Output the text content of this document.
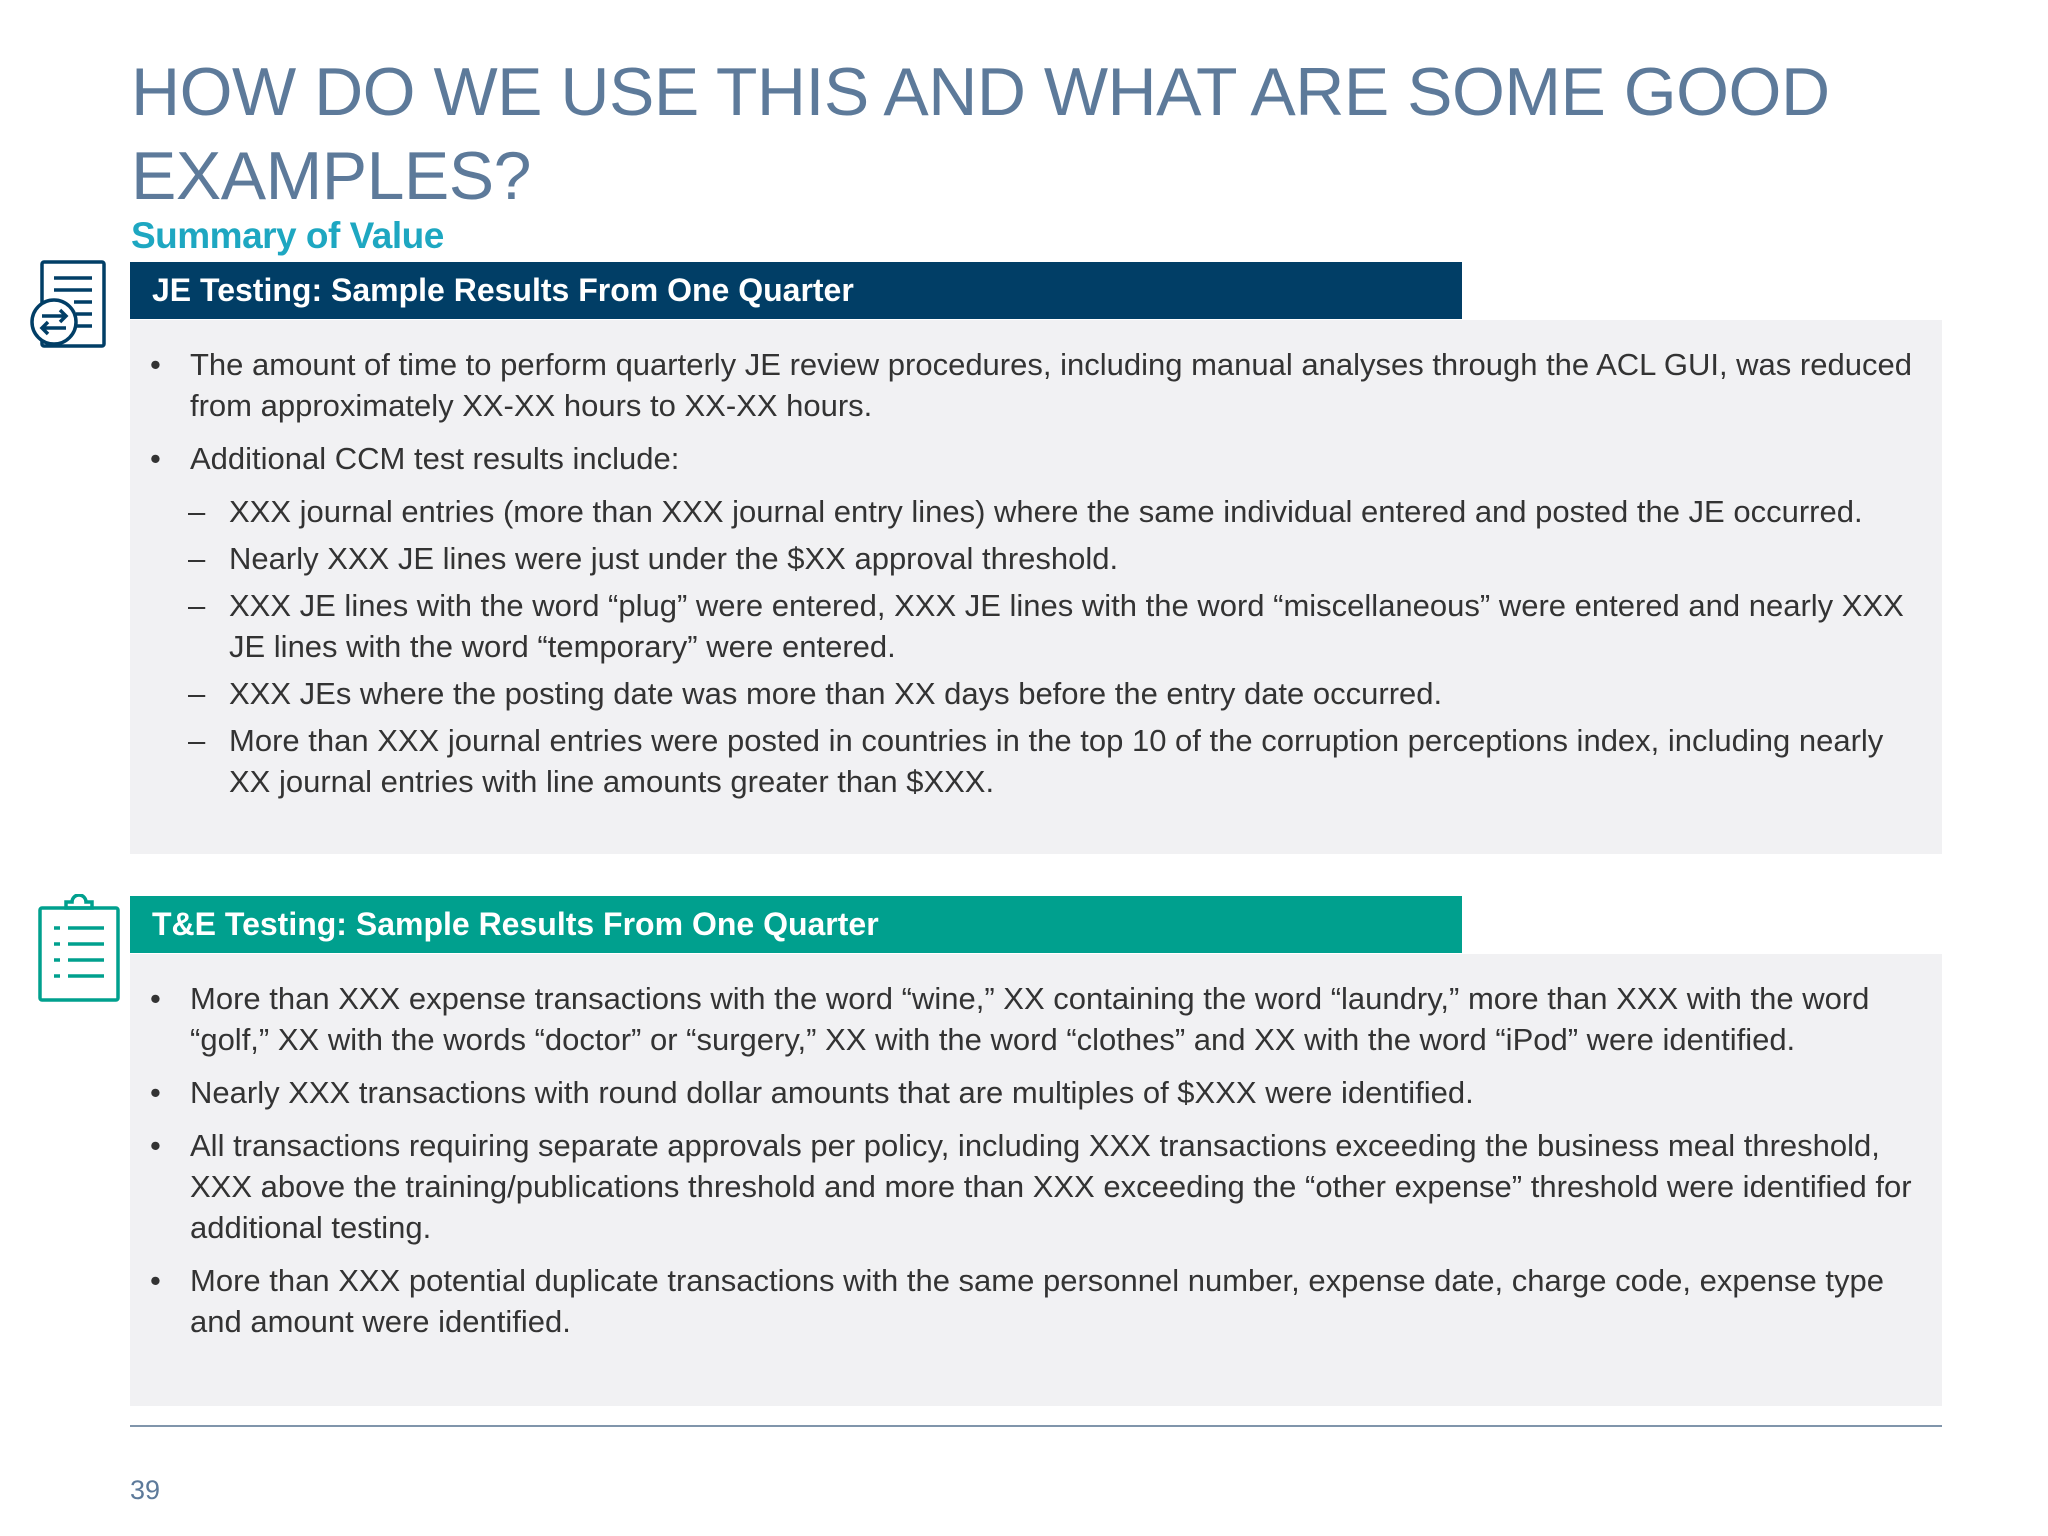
HOW DO WE USE THIS AND WHAT ARE SOME GOOD EXAMPLES?
Summary of Value
JE Testing: Sample Results From One Quarter
• The amount of time to perform quarterly JE review procedures, including manual analyses through the ACL GUI, was reduced from approximately XX-XX hours to XX-XX hours.
• Additional CCM test results include:
– XXX journal entries (more than XXX journal entry lines) where the same individual entered and posted the JE occurred.
– Nearly XXX JE lines were just under the $XX approval threshold.
– XXX JE lines with the word “plug” were entered, XXX JE lines with the word “miscellaneous” were entered and nearly XXX JE lines with the word “temporary” were entered.
– XXX JEs where the posting date was more than XX days before the entry date occurred.
– More than XXX journal entries were posted in countries in the top 10 of the corruption perceptions index, including nearly XX journal entries with line amounts greater than $XXX.
T&E Testing: Sample Results From One Quarter
• More than XXX expense transactions with the word “wine,” XX containing the word “laundry,” more than XXX with the word “golf,” XX with the words “doctor” or “surgery,” XX with the word “clothes” and XX with the word “iPod” were identified.
• Nearly XXX transactions with round dollar amounts that are multiples of $XXX were identified.
• All transactions requiring separate approvals per policy, including XXX transactions exceeding the business meal threshold, XXX above the training/publications threshold and more than XXX exceeding the “other expense” threshold were identified for additional testing.
• More than XXX potential duplicate transactions with the same personnel number, expense date, charge code, expense type and amount were identified.
39
